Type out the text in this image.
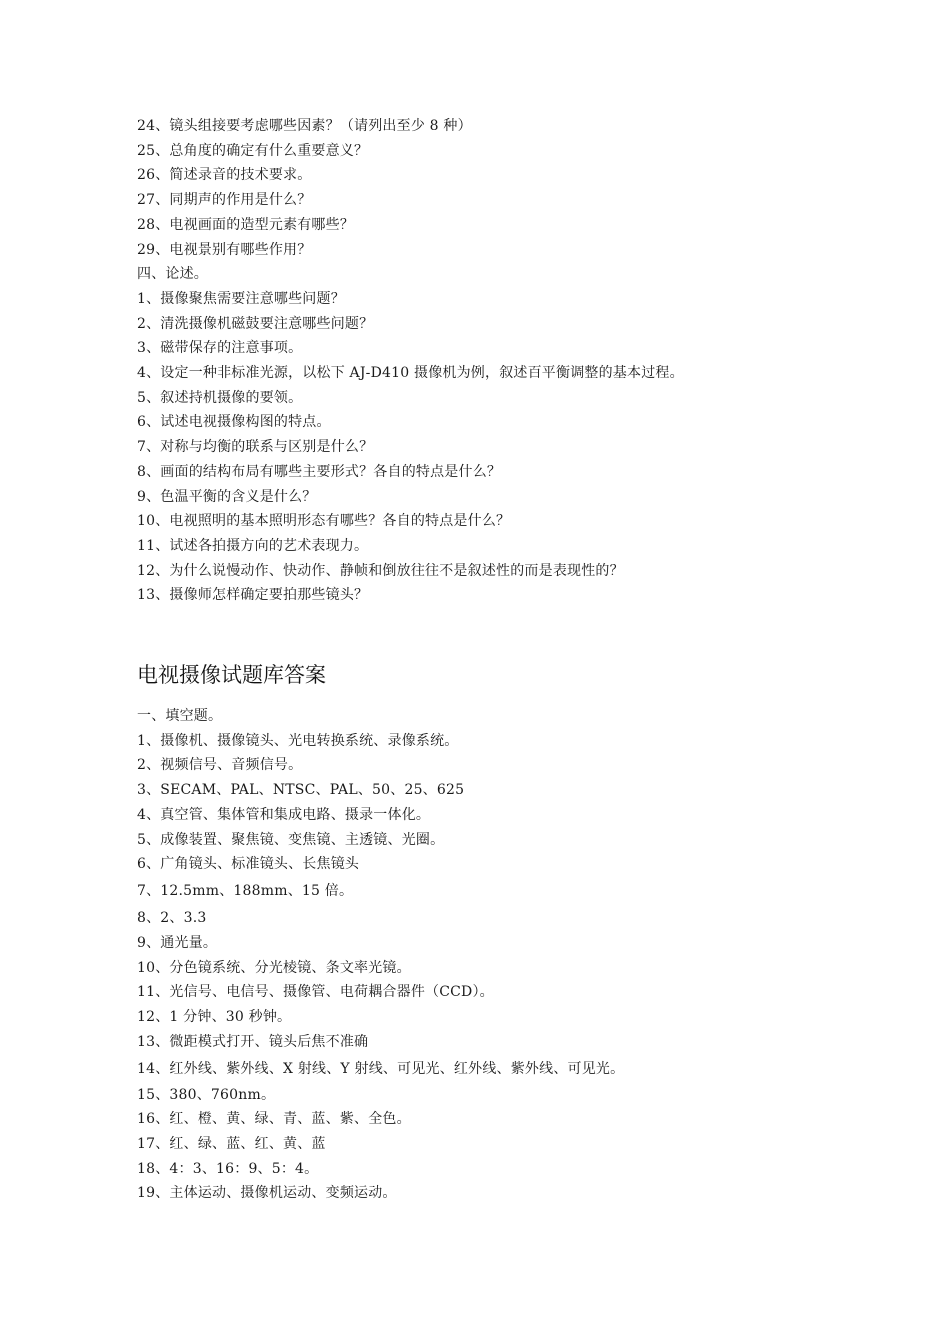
24、镜头组接要考虑哪些因素？（请列出至少 8 种）
25、总角度的确定有什么重要意义？
26、简述录音的技术要求。
27、同期声的作用是什么？
28、电视画面的造型元素有哪些？
29、电视景别有哪些作用？
四、论述。
1、摄像聚焦需要注意哪些问题？
2、清洗摄像机磁鼓要注意哪些问题？
3、磁带保存的注意事项。
4、设定一种非标准光源，以松下 AJ-D410 摄像机为例，叙述百平衡调整的基本过程。
5、叙述持机摄像的要领。
6、试述电视摄像构图的特点。
7、对称与均衡的联系与区别是什么？
8、画面的结构布局有哪些主要形式？各自的特点是什么？
9、色温平衡的含义是什么？
10、电视照明的基本照明形态有哪些？各自的特点是什么？
11、试述各拍摄方向的艺术表现力。
12、为什么说慢动作、快动作、静帧和倒放往往不是叙述性的而是表现性的？
13、摄像师怎样确定要拍那些镜头？
电视摄像试题库答案
一、填空题。
1、摄像机、摄像镜头、光电转换系统、录像系统。
2、视频信号、音频信号。
3、SECAM、PAL、NTSC、PAL、50、25、625
4、真空管、集体管和集成电路、摄录一体化。
5、成像装置、聚焦镜、变焦镜、主透镜、光圈。
6、广角镜头、标准镜头、长焦镜头
7、12.5mm、188mm、15 倍。
8、2、3.3
9、通光量。
10、分色镜系统、分光棱镜、条文率光镜。
11、光信号、电信号、摄像管、电荷耦合器件（CCD）。
12、1 分钟、30 秒钟。
13、微距模式打开、镜头后焦不准确
14、红外线、紫外线、X 射线、Y 射线、可见光、红外线、紫外线、可见光。
15、380、760nm。
16、红、橙、黄、绿、青、蓝、紫、全色。
17、红、绿、蓝、红、黄、蓝
18、4：3、16：9、5：4。
19、主体运动、摄像机运动、变频运动。
